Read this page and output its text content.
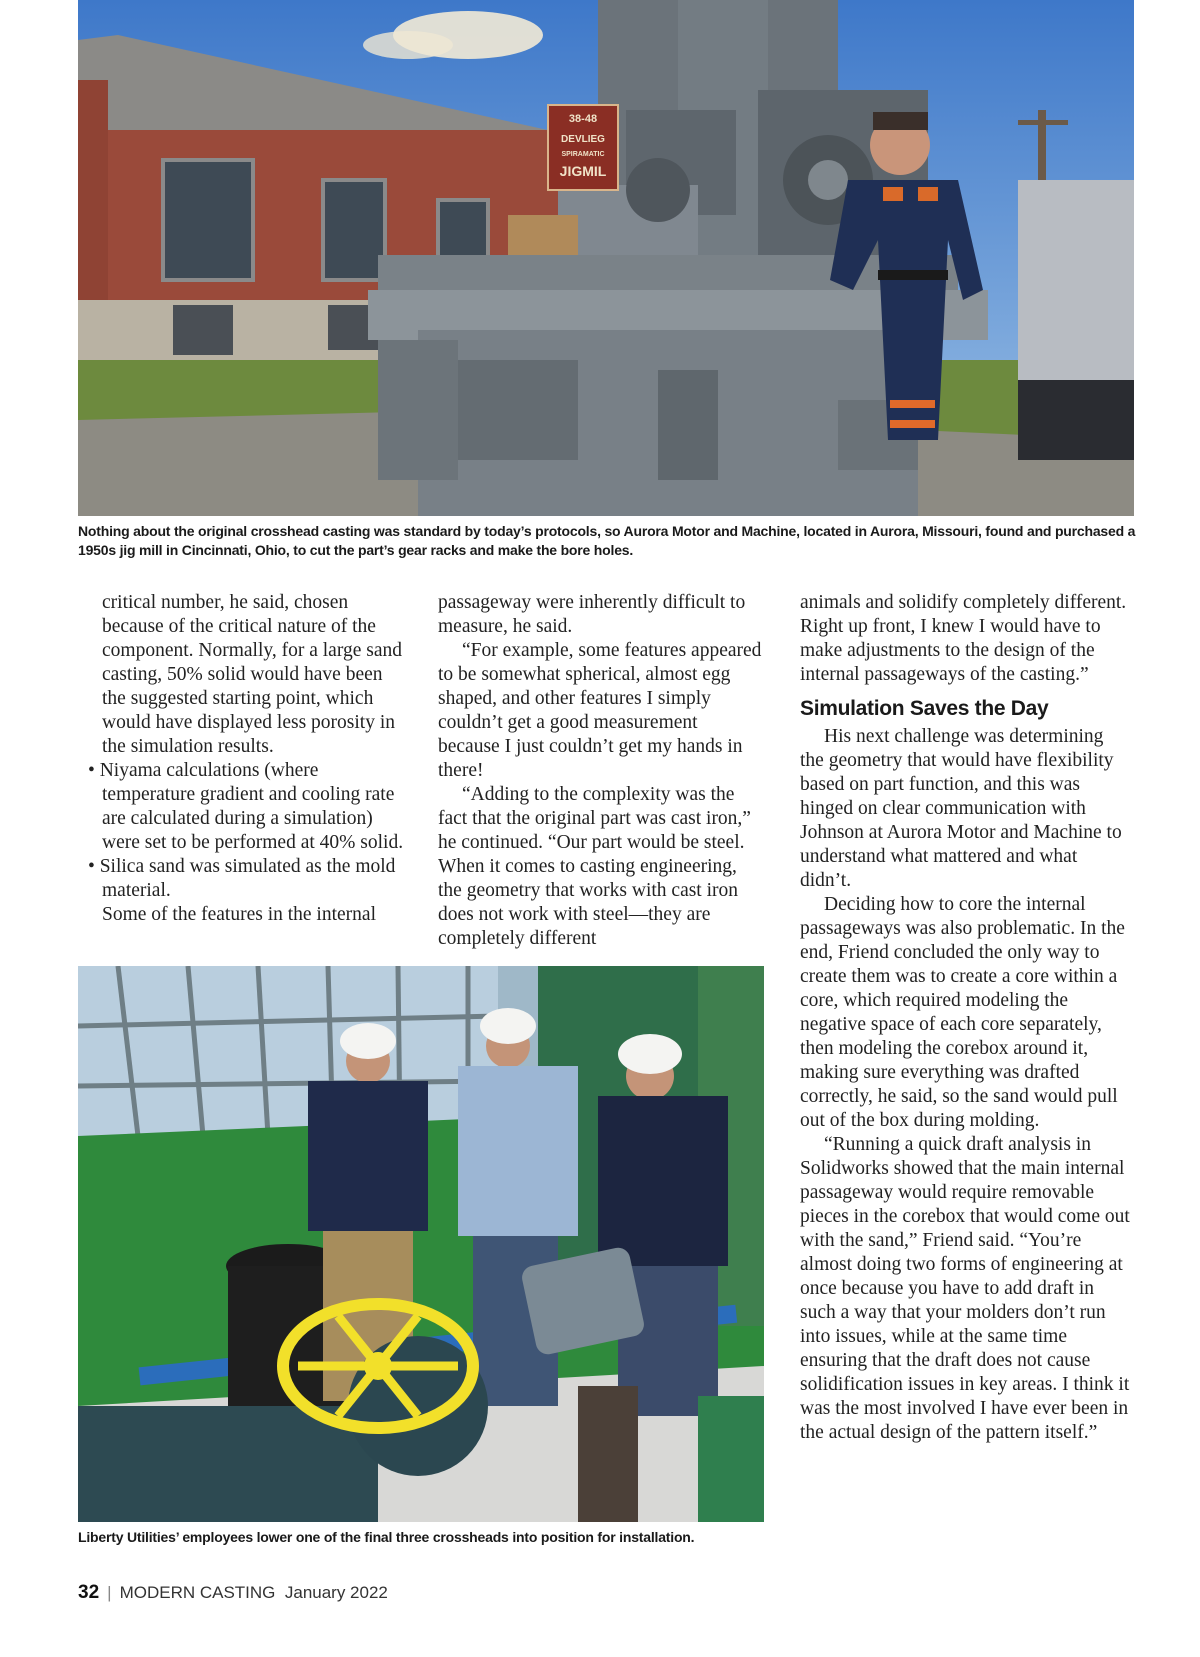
38-48
DEVLIEG
SPIRAMATIC
JIGMIL
Nothing about the original crosshead casting was standard by today’s protocols, so Aurora Motor and Machine, located in Aurora, Missouri, found and purchased a 1950s jig mill in Cincinnati, Ohio, to cut the part’s gear racks and make the bore holes.

critical number, he said, chosen because of the critical nature of the component. Normally, for a large sand casting, 50% solid would have been the suggested starting point, which would have displayed less porosity in the simulation results.

• Niyama calculations (where temperature gradient and cooling rate are calculated during a simulation) were set to be performed at 40% solid.

• Silica sand was simulated as the mold material.

Some of the features in the internal

passageway were inherently difficult to measure, he said.

“For example, some features appeared to be somewhat spherical, almost egg shaped, and other features I simply couldn’t get a good measurement because I just couldn’t get my hands in there!

“Adding to the complexity was the fact that the original part was cast iron,” he continued. “Our part would be steel. When it comes to casting engineering, the geometry that works with cast iron does not work with steel—they are completely different

animals and solidify completely different. Right up front, I knew I would have to make adjustments to the design of the internal passageways of the casting.”

Simulation Saves the Day

His next challenge was determining the geometry that would have flexibility based on part function, and this was hinged on clear communication with Johnson at Aurora Motor and Machine to understand what mattered and what didn’t.

Deciding how to core the internal passageways was also problematic. In the end, Friend concluded the only way to create them was to create a core within a core, which required modeling the negative space of each core separately, then modeling the corebox around it, making sure everything was drafted correctly, he said, so the sand would pull out of the box during molding.

“Running a quick draft analysis in Solidworks showed that the main internal passageway would require removable pieces in the corebox that would come out with the sand,” Friend said. “You’re almost doing two forms of engineering at once because you have to add draft in such a way that your molders don’t run into issues, while at the same time ensuring that the draft does not cause solidification issues in key areas. I think it was the most involved I have ever been in the actual design of the pattern itself.”

Liberty Utilities’ employees lower one of the final three crossheads into position for installation.
32 | MODERN CASTING January 2022
